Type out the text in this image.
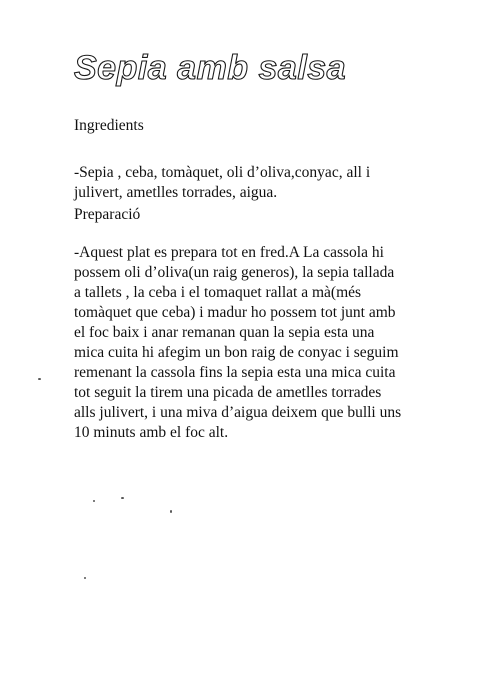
Sepia amb salsa

Ingredients

-Sepia , ceba, tomàquet, oli d’oliva,conyac, all i
julivert, ametlles torrades, aigua.

Preparació

-Aquest plat es prepara tot en fred.A La cassola hi
possem oli d’oliva(un raig generos), la sepia tallada
a tallets , la ceba i el tomaquet rallat a mà(més
tomàquet que ceba) i madur ho possem tot junt amb
el foc baix i anar remanan quan la sepia esta una
mica cuita hi afegim un bon raig de conyac i seguim
remenant la cassola fins la sepia esta una mica cuita
tot seguit la tirem una picada de ametlles torrades
alls julivert, i una miva d’aigua deixem que bulli uns
10 minuts amb el foc alt.
